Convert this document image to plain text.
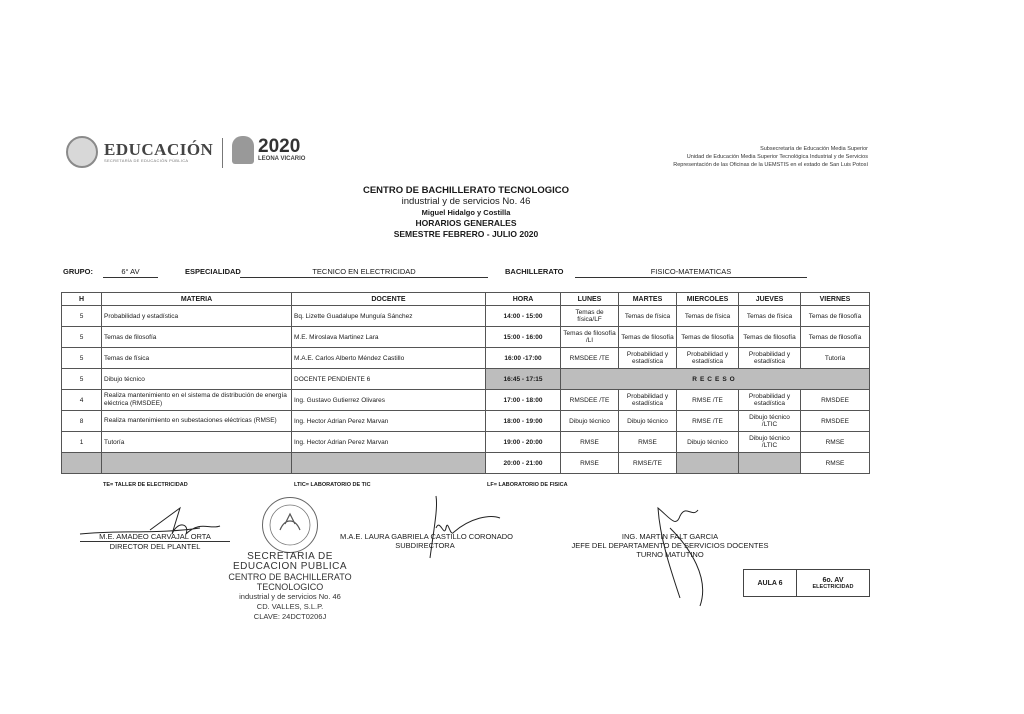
EDUCACIÓN
SECRETARÍA DE EDUCACIÓN PÚBLICA
2020
LEONA VICARIO
Subsecretaría de Educación Media Superior
Unidad de Educación Media Superior Tecnológica Industrial y de Servicios
Representación de las Oficinas de la UEMSTIS en el estado de San Luis Potosí
CENTRO DE BACHILLERATO TECNOLOGICO
industrial y de servicios No. 46
Miguel Hidalgo y Costilla
HORARIOS GENERALES
SEMESTRE FEBRERO - JULIO 2020
GRUPO:	6° AV	ESPECIALIDAD	TECNICO EN ELECTRICIDAD	BACHILLERATO	FISICO-MATEMATICAS
H	MATERIA	DOCENTE	HORA	LUNES	MARTES	MIERCOLES	JUEVES	VIERNES
5	Probabilidad y estadística	Bq. Lizette Guadalupe Munguía Sánchez	14:00 - 15:00	Temas de física/LF	Temas de física	Temas de física	Temas de física	Temas de filosofía
5	Temas de filosofía	M.E. Miroslava Martinez Lara	15:00 - 16:00	Temas de filosofía /LI	Temas de filosofía	Temas de filosofía	Temas de filosofía	Temas de filosofía
5	Temas de física	M.A.E. Carlos Alberto Méndez Castillo	16:00 -17:00	RMSDEE /TE	Probabilidad y estadística	Probabilidad y estadística	Probabilidad y estadística	Tutoría
5	Dibujo técnico	DOCENTE PENDIENTE 6	16:45 - 17:15	RECESO				
4	Realiza mantenimiento en el sistema de distribución de energía eléctrica (RMSDEE)	Ing. Gustavo Gutierrez Olivares	17:00 - 18:00	RMSDEE /TE	Probabilidad y estadística	RMSE /TE	Probabilidad y estadística	RMSDEE
8	Realiza mantenimiento en subestaciones eléctricas (RMSE)	Ing. Hector Adrian Perez Marvan	18:00 - 19:00	Dibujo técnico	Dibujo técnico	RMSE /TE	Dibujo técnico /LTIC	RMSDEE
1	Tutoría	Ing. Hector Adrian Perez Marvan	19:00 - 20:00	RMSE	RMSE	Dibujo técnico	Dibujo técnico /LTIC	RMSE
			20:00 - 21:00	RMSE	RMSE/TE			RMSE
TE= TALLER DE ELECTRICIDAD	LTIC= LABORATORIO DE TIC	LF= LABORATORIO DE FISICA
M.E. AMADEO CARVAJAL ORTA
DIRECTOR DEL PLANTEL
M.A.E. LAURA GABRIELA CASTILLO CORONADO
SUBDIRECTORA
ING. MARTIN FALT GARCIA
JEFE DEL DEPARTAMENTO DE SERVICIOS DOCENTES
TURNO MATUTINO
SECRETARIA DE
EDUCACION PUBLICA
CENTRO DE BACHILLERATO
TECNOLOGICO
industrial y de servicios No. 46
CD. VALLES, S.L.P.
CLAVE: 24DCT0206J
AULA 6	6o. AV
ELECTRICIDAD
